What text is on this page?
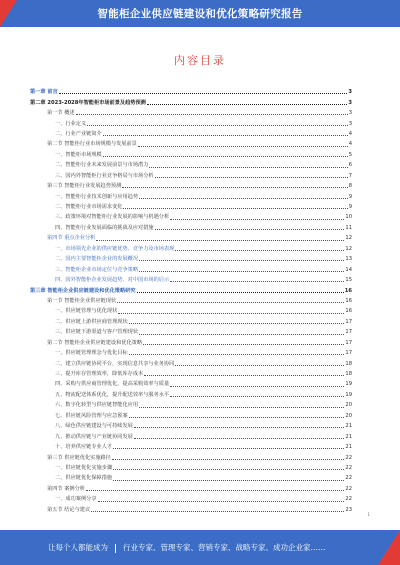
智能柜企业供应链建设和优化策略研究报告
内容目录
第一章 前言	3
第二章 2023-2028年智能柜市场前景及趋势预测	3
第一节 概述	3
一、行业定义	3
二、行业产业链简介	4
第二节 智能柜行业市场规模与发展前景	4
一、智能柜市场规模	5
二、智能柜行业未来发展前景与市场潜力	6
三、国内外智能柜行业竞争格局与市场分析	7
第三节 智能柜行业发展趋势预测	8
一、智能柜行业技术创新与应用趋势	9
二、智能柜行业市场需求变化	9
三、政策环境对智能柜行业发展的影响与机遇分析	10
四、智能柜行业发展面临的挑战及应对措施	11
第四节 重点企业分析	12
一、市场领先企业的供应链优势、竞争力及市场表现	12
二、国内主要智能柜企业的发展概况	13
三、智能柜企业市场定位与竞争策略	14
四、国外智能柜企业发展趋势、对中国市场的启示	15
第三章 智能柜企业供应链建设和优化策略研究	16
第一节 智能柜企业供应链现状	16
一、供应链管理与优化现状	16
二、供应链上游供应商管理现状	17
三、供应链下游渠道与客户管理现状	17
第二节 智能柜企业供应链建设和优化策略	17
一、供应链管理理念与优化目标	17
二、建立供应链协同平台，实现信息共享与业务协同	18
三、提升库存管理效率，降低库存成本	18
四、采购与供应商管理优化，提高采购效率与质量	19
五、物流配送体系优化，提升配送效率与服务水平	19
六、数字化转型与供应链智能化应用	20
七、供应链风险管理与应急预案	20
八、绿色供应链建设与可持续发展	21
九、推动供应链与产业链协同发展	21
十、培养供应链专业人才	21
第三节 供应链优化实施路径	22
一、供应链优化实施步骤	22
二、供应链优化保障措施	22
第四节 案例分析	22
一、成功案例分享	22
第五节 结论与建议	23
1
让每个人都能成为 行业专家、管理专家、营销专家、战略专家、成功企业家……
